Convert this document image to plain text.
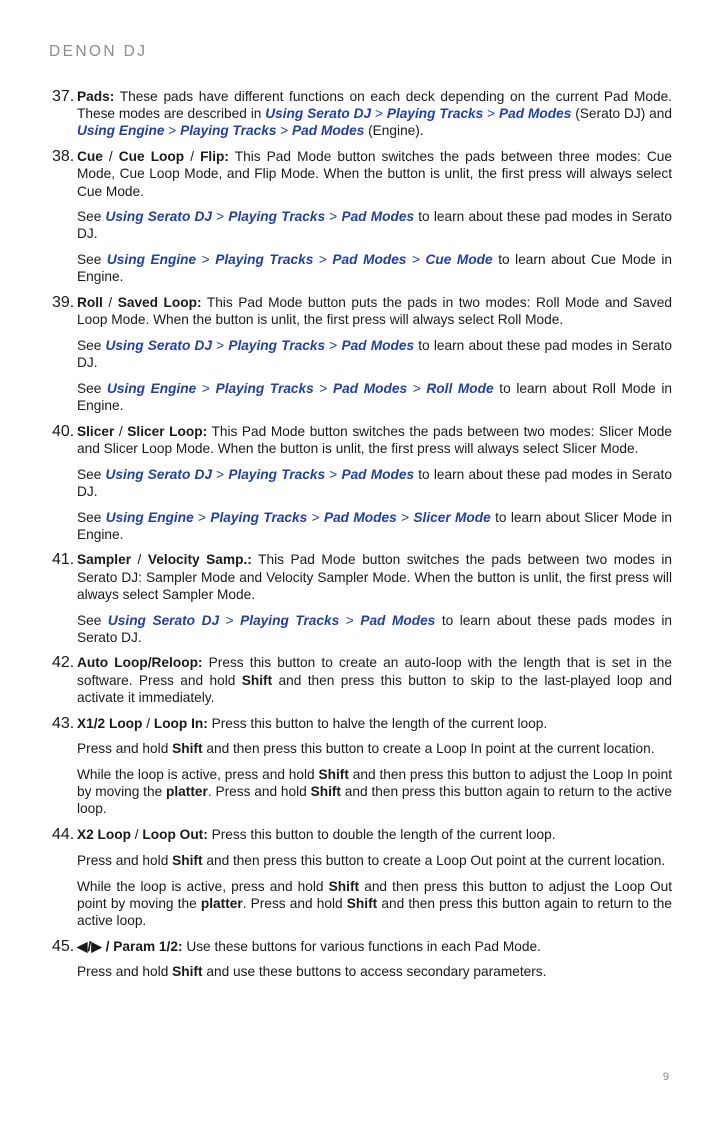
DENON DJ
37. Pads: These pads have different functions on each deck depending on the current Pad Mode. These modes are described in Using Serato DJ > Playing Tracks > Pad Modes (Serato DJ) and Using Engine > Playing Tracks > Pad Modes (Engine).

38. Cue / Cue Loop / Flip: This Pad Mode button switches the pads between three modes: Cue Mode, Cue Loop Mode, and Flip Mode. When the button is unlit, the first press will always select Cue Mode.

See Using Serato DJ > Playing Tracks > Pad Modes to learn about these pad modes in Serato DJ.

See Using Engine > Playing Tracks > Pad Modes > Cue Mode to learn about Cue Mode in Engine.

39. Roll / Saved Loop: This Pad Mode button puts the pads in two modes: Roll Mode and Saved Loop Mode. When the button is unlit, the first press will always select Roll Mode.

See Using Serato DJ > Playing Tracks > Pad Modes to learn about these pad modes in Serato DJ.

See Using Engine > Playing Tracks > Pad Modes > Roll Mode to learn about Roll Mode in Engine.

40. Slicer / Slicer Loop: This Pad Mode button switches the pads between two modes: Slicer Mode and Slicer Loop Mode. When the button is unlit, the first press will always select Slicer Mode.

See Using Serato DJ > Playing Tracks > Pad Modes to learn about these pad modes in Serato DJ.

See Using Engine > Playing Tracks > Pad Modes > Slicer Mode to learn about Slicer Mode in Engine.

41. Sampler / Velocity Samp.: This Pad Mode button switches the pads between two modes in Serato DJ: Sampler Mode and Velocity Sampler Mode. When the button is unlit, the first press will always select Sampler Mode.

See Using Serato DJ > Playing Tracks > Pad Modes to learn about these pads modes in Serato DJ.

42. Auto Loop/Reloop: Press this button to create an auto-loop with the length that is set in the software. Press and hold Shift and then press this button to skip to the last-played loop and activate it immediately.

43. X1/2 Loop / Loop In: Press this button to halve the length of the current loop.

Press and hold Shift and then press this button to create a Loop In point at the current location.

While the loop is active, press and hold Shift and then press this button to adjust the Loop In point by moving the platter. Press and hold Shift and then press this button again to return to the active loop.

44. X2 Loop / Loop Out: Press this button to double the length of the current loop.

Press and hold Shift and then press this button to create a Loop Out point at the current location.

While the loop is active, press and hold Shift and then press this button to adjust the Loop Out point by moving the platter. Press and hold Shift and then press this button again to return to the active loop.

45. ◀/▶ / Param 1/2: Use these buttons for various functions in each Pad Mode.

Press and hold Shift and use these buttons to access secondary parameters.

9
